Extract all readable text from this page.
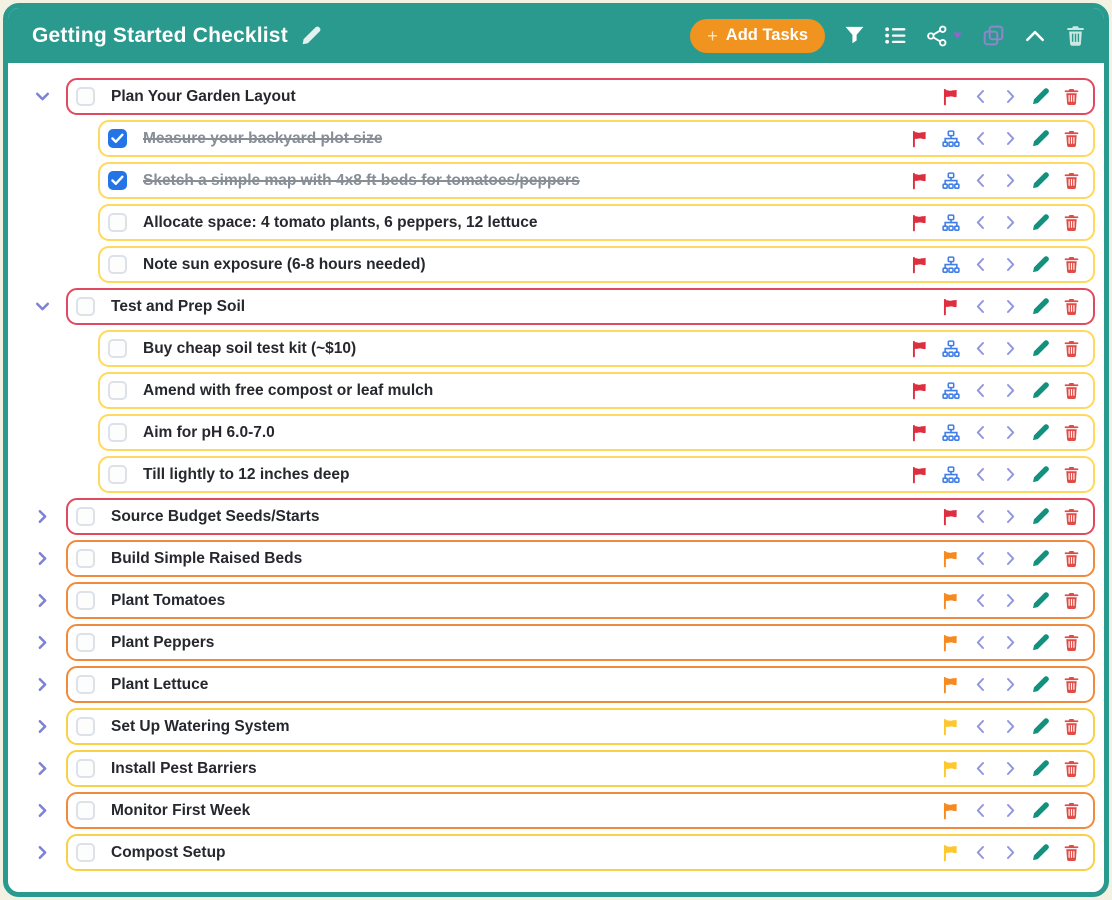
Getting Started Checklist	+ Add Tasks
Plan Your Garden Layout
Measure your backyard plot size
Sketch a simple map with 4x8 ft beds for tomatoes/peppers
Allocate space: 4 tomato plants, 6 peppers, 12 lettuce
Note sun exposure (6-8 hours needed)
Test and Prep Soil
Buy cheap soil test kit (~$10)
Amend with free compost or leaf mulch
Aim for pH 6.0-7.0
Till lightly to 12 inches deep
Source Budget Seeds/Starts
Build Simple Raised Beds
Plant Tomatoes
Plant Peppers
Plant Lettuce
Set Up Watering System
Install Pest Barriers
Monitor First Week
Compost Setup
